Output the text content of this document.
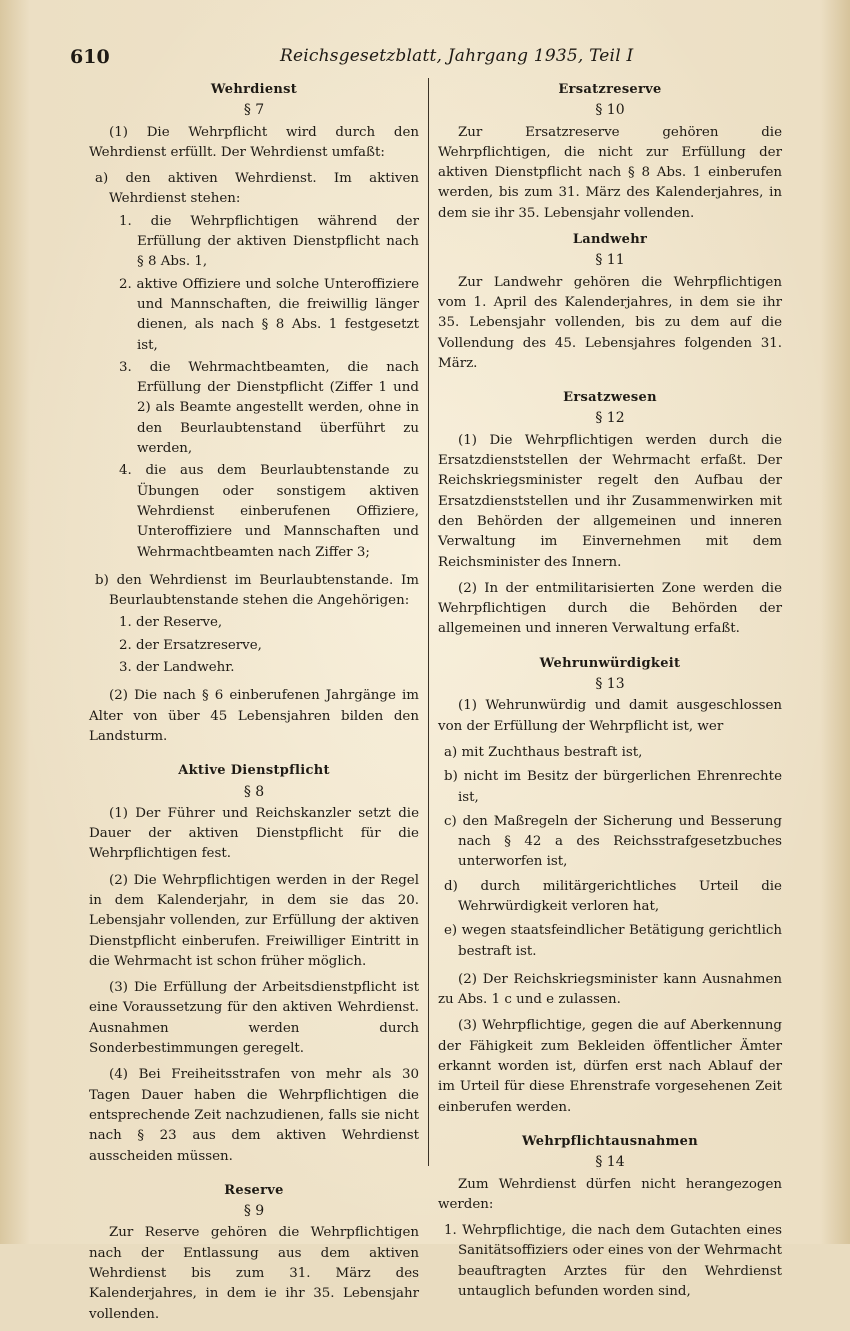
610	Reichsgesetzblatt, Jahrgang 1935, Teil I
Wehrdienst
§ 7

(1) Die Wehrpflicht wird durch den Wehrdienst erfüllt. Der Wehrdienst umfaßt:

a) den aktiven Wehrdienst. Im aktiven Wehrdienst stehen:
1. die Wehrpflichtigen während der Erfüllung der aktiven Dienstpflicht nach § 8 Abs. 1,
2. aktive Offiziere und solche Unteroffiziere und Mannschaften, die freiwillig länger dienen, als nach § 8 Abs. 1 festgesetzt ist,
3. die Wehrmachtbeamten, die nach Erfüllung der Dienstpflicht (Ziffer 1 und 2) als Beamte angestellt werden, ohne in den Beurlaubtenstand überführt zu werden,
4. die aus dem Beurlaubtenstande zu Übungen oder sonstigem aktiven Wehrdienst einberufenen Offiziere, Unteroffiziere und Mannschaften und Wehrmachtbeamten nach Ziffer 3;
b) den Wehrdienst im Beurlaubtenstande. Im Beurlaubtenstande stehen die Angehörigen:
1. der Reserve,
2. der Ersatzreserve,
3. der Landwehr.

(2) Die nach § 6 einberufenen Jahrgänge im Alter von über 45 Lebensjahren bilden den Landsturm.

Aktive Dienstpflicht
§ 8

(1) Der Führer und Reichskanzler setzt die Dauer der aktiven Dienstpflicht für die Wehrpflichtigen fest.

(2) Die Wehrpflichtigen werden in der Regel in dem Kalenderjahr, in dem sie das 20. Lebensjahr vollenden, zur Erfüllung der aktiven Dienstpflicht einberufen. Freiwilliger Eintritt in die Wehrmacht ist schon früher möglich.

(3) Die Erfüllung der Arbeitsdienstpflicht ist eine Voraussetzung für den aktiven Wehrdienst. Ausnahmen werden durch Sonderbestimmungen geregelt.

(4) Bei Freiheitsstrafen von mehr als 30 Tagen Dauer haben die Wehrpflichtigen die entsprechende Zeit nachzudienen, falls sie nicht nach § 23 aus dem aktiven Wehrdienst ausscheiden müssen.

Reserve
§ 9

Zur Reserve gehören die Wehrpflichtigen nach der Entlassung aus dem aktiven Wehrdienst bis zum 31. März des Kalenderjahres, in dem ie ihr 35. Lebensjahr vollenden.

Ersatzreserve
§ 10

Zur Ersatzreserve gehören die Wehrpflichtigen, die nicht zur Erfüllung der aktiven Dienstpflicht nach § 8 Abs. 1 einberufen werden, bis zum 31. März des Kalenderjahres, in dem sie ihr 35. Lebensjahr vollenden.

Landwehr
§ 11

Zur Landwehr gehören die Wehrpflichtigen vom 1. April des Kalenderjahres, in dem sie ihr 35. Lebensjahr vollenden, bis zu dem auf die Vollendung des 45. Lebensjahres folgenden 31. März.

Ersatzwesen
§ 12

(1) Die Wehrpflichtigen werden durch die Ersatzdienststellen der Wehrmacht erfaßt. Der Reichskriegsminister regelt den Aufbau der Ersatzdienststellen und ihr Zusammenwirken mit den Behörden der allgemeinen und inneren Verwaltung im Einvernehmen mit dem Reichsminister des Innern.

(2) In der entmilitarisierten Zone werden die Wehrpflichtigen durch die Behörden der allgemeinen und inneren Verwaltung erfaßt.

Wehrunwürdigkeit
§ 13

(1) Wehrunwürdig und damit ausgeschlossen von der Erfüllung der Wehrpflicht ist, wer

a) mit Zuchthaus bestraft ist,
b) nicht im Besitz der bürgerlichen Ehrenrechte ist,
c) den Maßregeln der Sicherung und Besserung nach § 42 a des Reichsstrafgesetzbuches unterworfen ist,
d) durch militärgerichtliches Urteil die Wehrwürdigkeit verloren hat,
e) wegen staatsfeindlicher Betätigung gerichtlich bestraft ist.

(2) Der Reichskriegsminister kann Ausnahmen zu Abs. 1 c und e zulassen.

(3) Wehrpflichtige, gegen die auf Aberkennung der Fähigkeit zum Bekleiden öffentlicher Ämter erkannt worden ist, dürfen erst nach Ablauf der im Urteil für diese Ehrenstrafe vorgesehenen Zeit einberufen werden.

Wehrpflichtausnahmen
§ 14

Zum Wehrdienst dürfen nicht herangezogen werden:

1. Wehrpflichtige, die nach dem Gutachten eines Sanitätsoffiziers oder eines von der Wehrmacht beauftragten Arztes für den Wehrdienst untauglich befunden worden sind,
